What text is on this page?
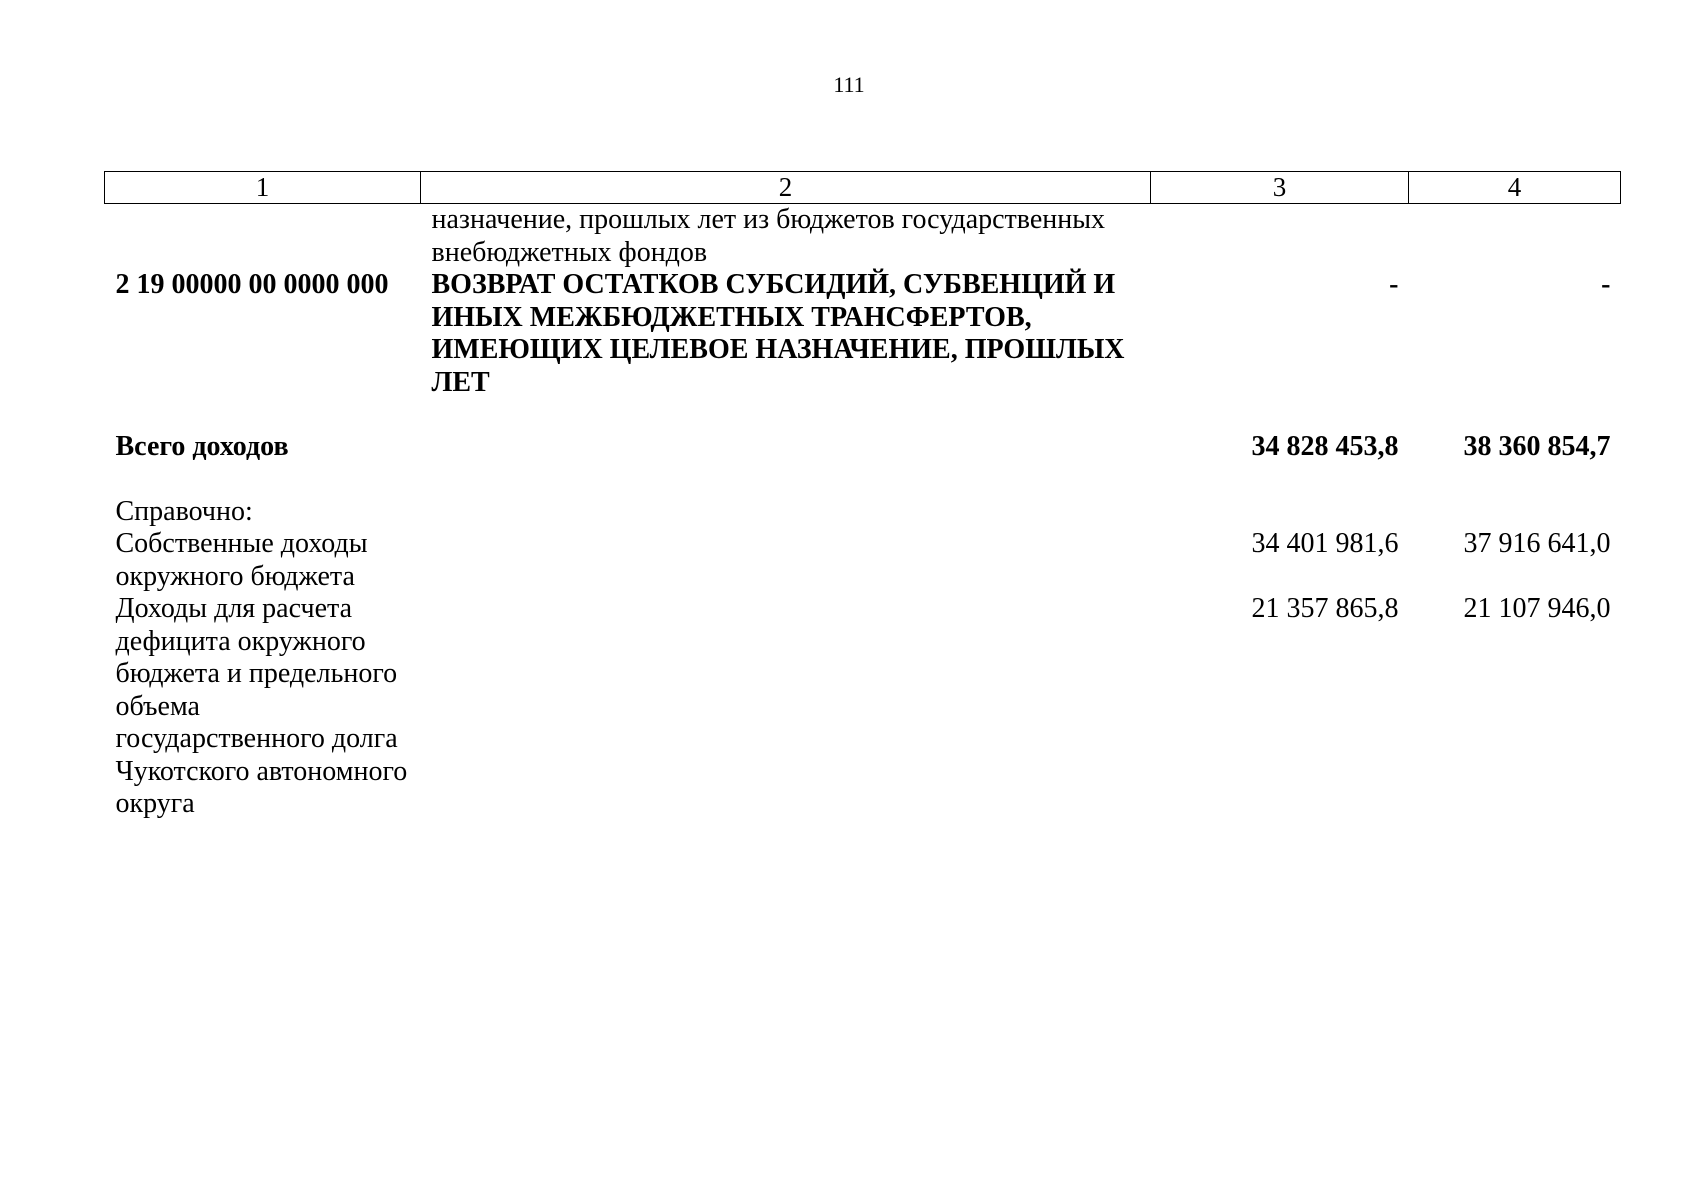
111
1	2	3	4
	назначение, прошлых лет из бюджетов государственных внебюджетных фондов		
2 19 00000 00 0000 000	ВОЗВРАТ ОСТАТКОВ СУБСИДИЙ, СУБВЕНЦИЙ И ИНЫХ МЕЖБЮДЖЕТНЫХ ТРАНСФЕРТОВ, ИМЕЮЩИХ ЦЕЛЕВОЕ НАЗНАЧЕНИЕ, ПРОШЛЫХ ЛЕТ	-	-

Всего доходов		34 828 453,8	38 360 854,7

Справочно:			
Собственные доходы окружного бюджета		34 401 981,6	37 916 641,0
Доходы для расчета дефицита окружного бюджета и предельного объема государственного долга Чукотского автономного округа		21 357 865,8	21 107 946,0
